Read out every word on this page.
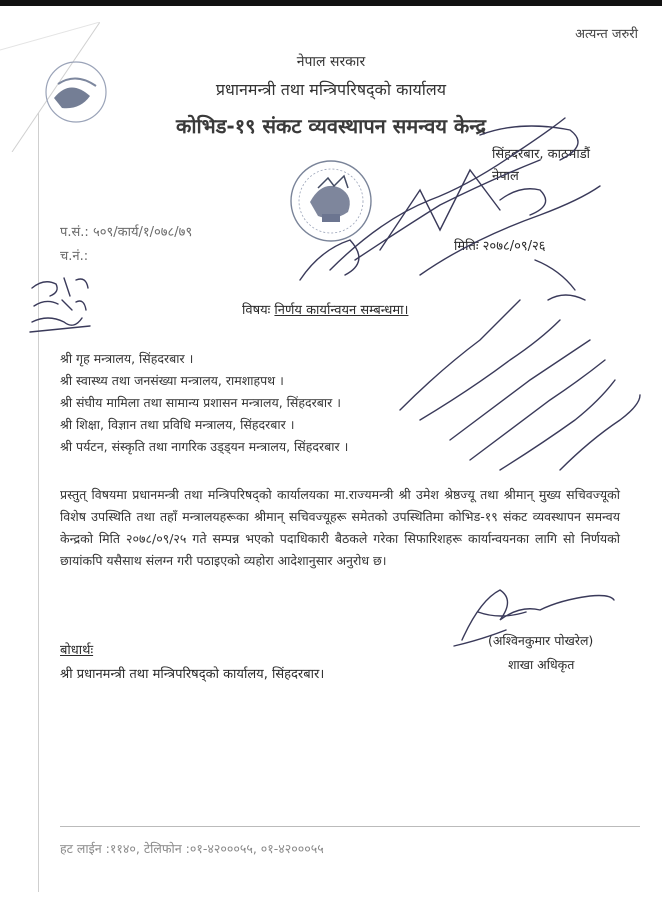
अत्यन्त जरुरी
नेपाल सरकार
प्रधानमन्त्री तथा मन्त्रिपरिषद्को कार्यालय
कोभिड-१९ संकट व्यवस्थापन समन्वय केन्द्र
सिंहदरबार, काठमाडौं
नेपाल
प.सं.: ५०९/कार्य/१/०७८/७९
च.नं.:
मितिः २०७८/०९/२६
विषयः निर्णय कार्यान्वयन सम्बन्धमा।
श्री गृह मन्त्रालय, सिंहदरबार ।
श्री स्वास्थ्य तथा जनसंख्या मन्त्रालय, रामशाहपथ ।
श्री संघीय मामिला तथा सामान्य प्रशासन मन्त्रालय, सिंहदरबार ।
श्री शिक्षा, विज्ञान तथा प्रविधि मन्त्रालय, सिंहदरबार ।
श्री पर्यटन, संस्कृति तथा नागरिक उड्ड्यन मन्त्रालय, सिंहदरबार ।
प्रस्तुत् विषयमा प्रधानमन्त्री तथा मन्त्रिपरिषद्को कार्यालयका मा.राज्यमन्त्री श्री उमेश श्रेष्ठज्यू तथा श्रीमान् मुख्य सचिवज्यूको विशेष उपस्थिति तथा तहाँ मन्त्रालयहरूका श्रीमान् सचिवज्यूहरू समेतको उपस्थितिमा कोभिड-१९ संकट व्यवस्थापन समन्वय केन्द्रको मिति २०७८/०९/२५ गते सम्पन्न भएको पदाधिकारी बैठकले गरेका सिफारिशहरू कार्यान्वयनका लागि सो निर्णयको छायांकपि यसैसाथ संलग्न गरी पठाइएको व्यहोरा आदेशानुसार अनुरोध छ।
(अश्विनकुमार पोखरेल)
शाखा अधिकृत
बोधार्थः
श्री प्रधानमन्त्री तथा मन्त्रिपरिषद्को कार्यालय, सिंहदरबार।
हट लाईन :११४०, टेलिफोन :०१-४२०००५५, ०१-४२०००५५
